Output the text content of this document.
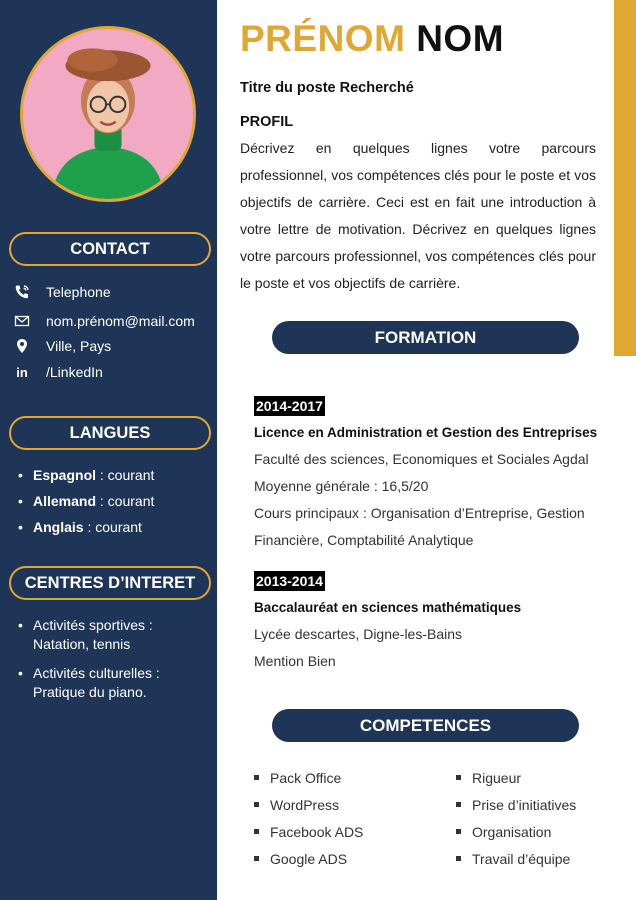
CONTACT
Telephone
nom.prénom@mail.com
Ville, Pays
in /LinkedIn
LANGUES
• Espagnol : courant
• Allemand : courant
• Anglais : courant
CENTRES D’INTERET
• Activités sportives : Natation, tennis
• Activités culturelles : Pratique du piano.
PRÉNOM NOM
Titre du poste Recherché
PROFIL
Décrivez en quelques lignes votre parcours professionnel, vos compétences clés pour le poste et vos objectifs de carrière. Ceci est en fait une introduction à votre lettre de motivation. Décrivez en quelques lignes votre parcours professionnel, vos compétences clés pour le poste et vos objectifs de carrière.
FORMATION
2014-2017
Licence en Administration et Gestion des Entreprises
Faculté des sciences, Economiques et Sociales Agdal
Moyenne générale : 16,5/20
Cours principaux : Organisation d’Entreprise, Gestion
Financière, Comptabilité Analytique
2013-2014
Baccalauréat en sciences mathématiques
Lycée descartes, Digne-les-Bains
Mention Bien
COMPETENCES
Pack Office
WordPress
Facebook ADS
Google ADS
Rigueur
Prise d’initiatives
Organisation
Travail d’équipe
